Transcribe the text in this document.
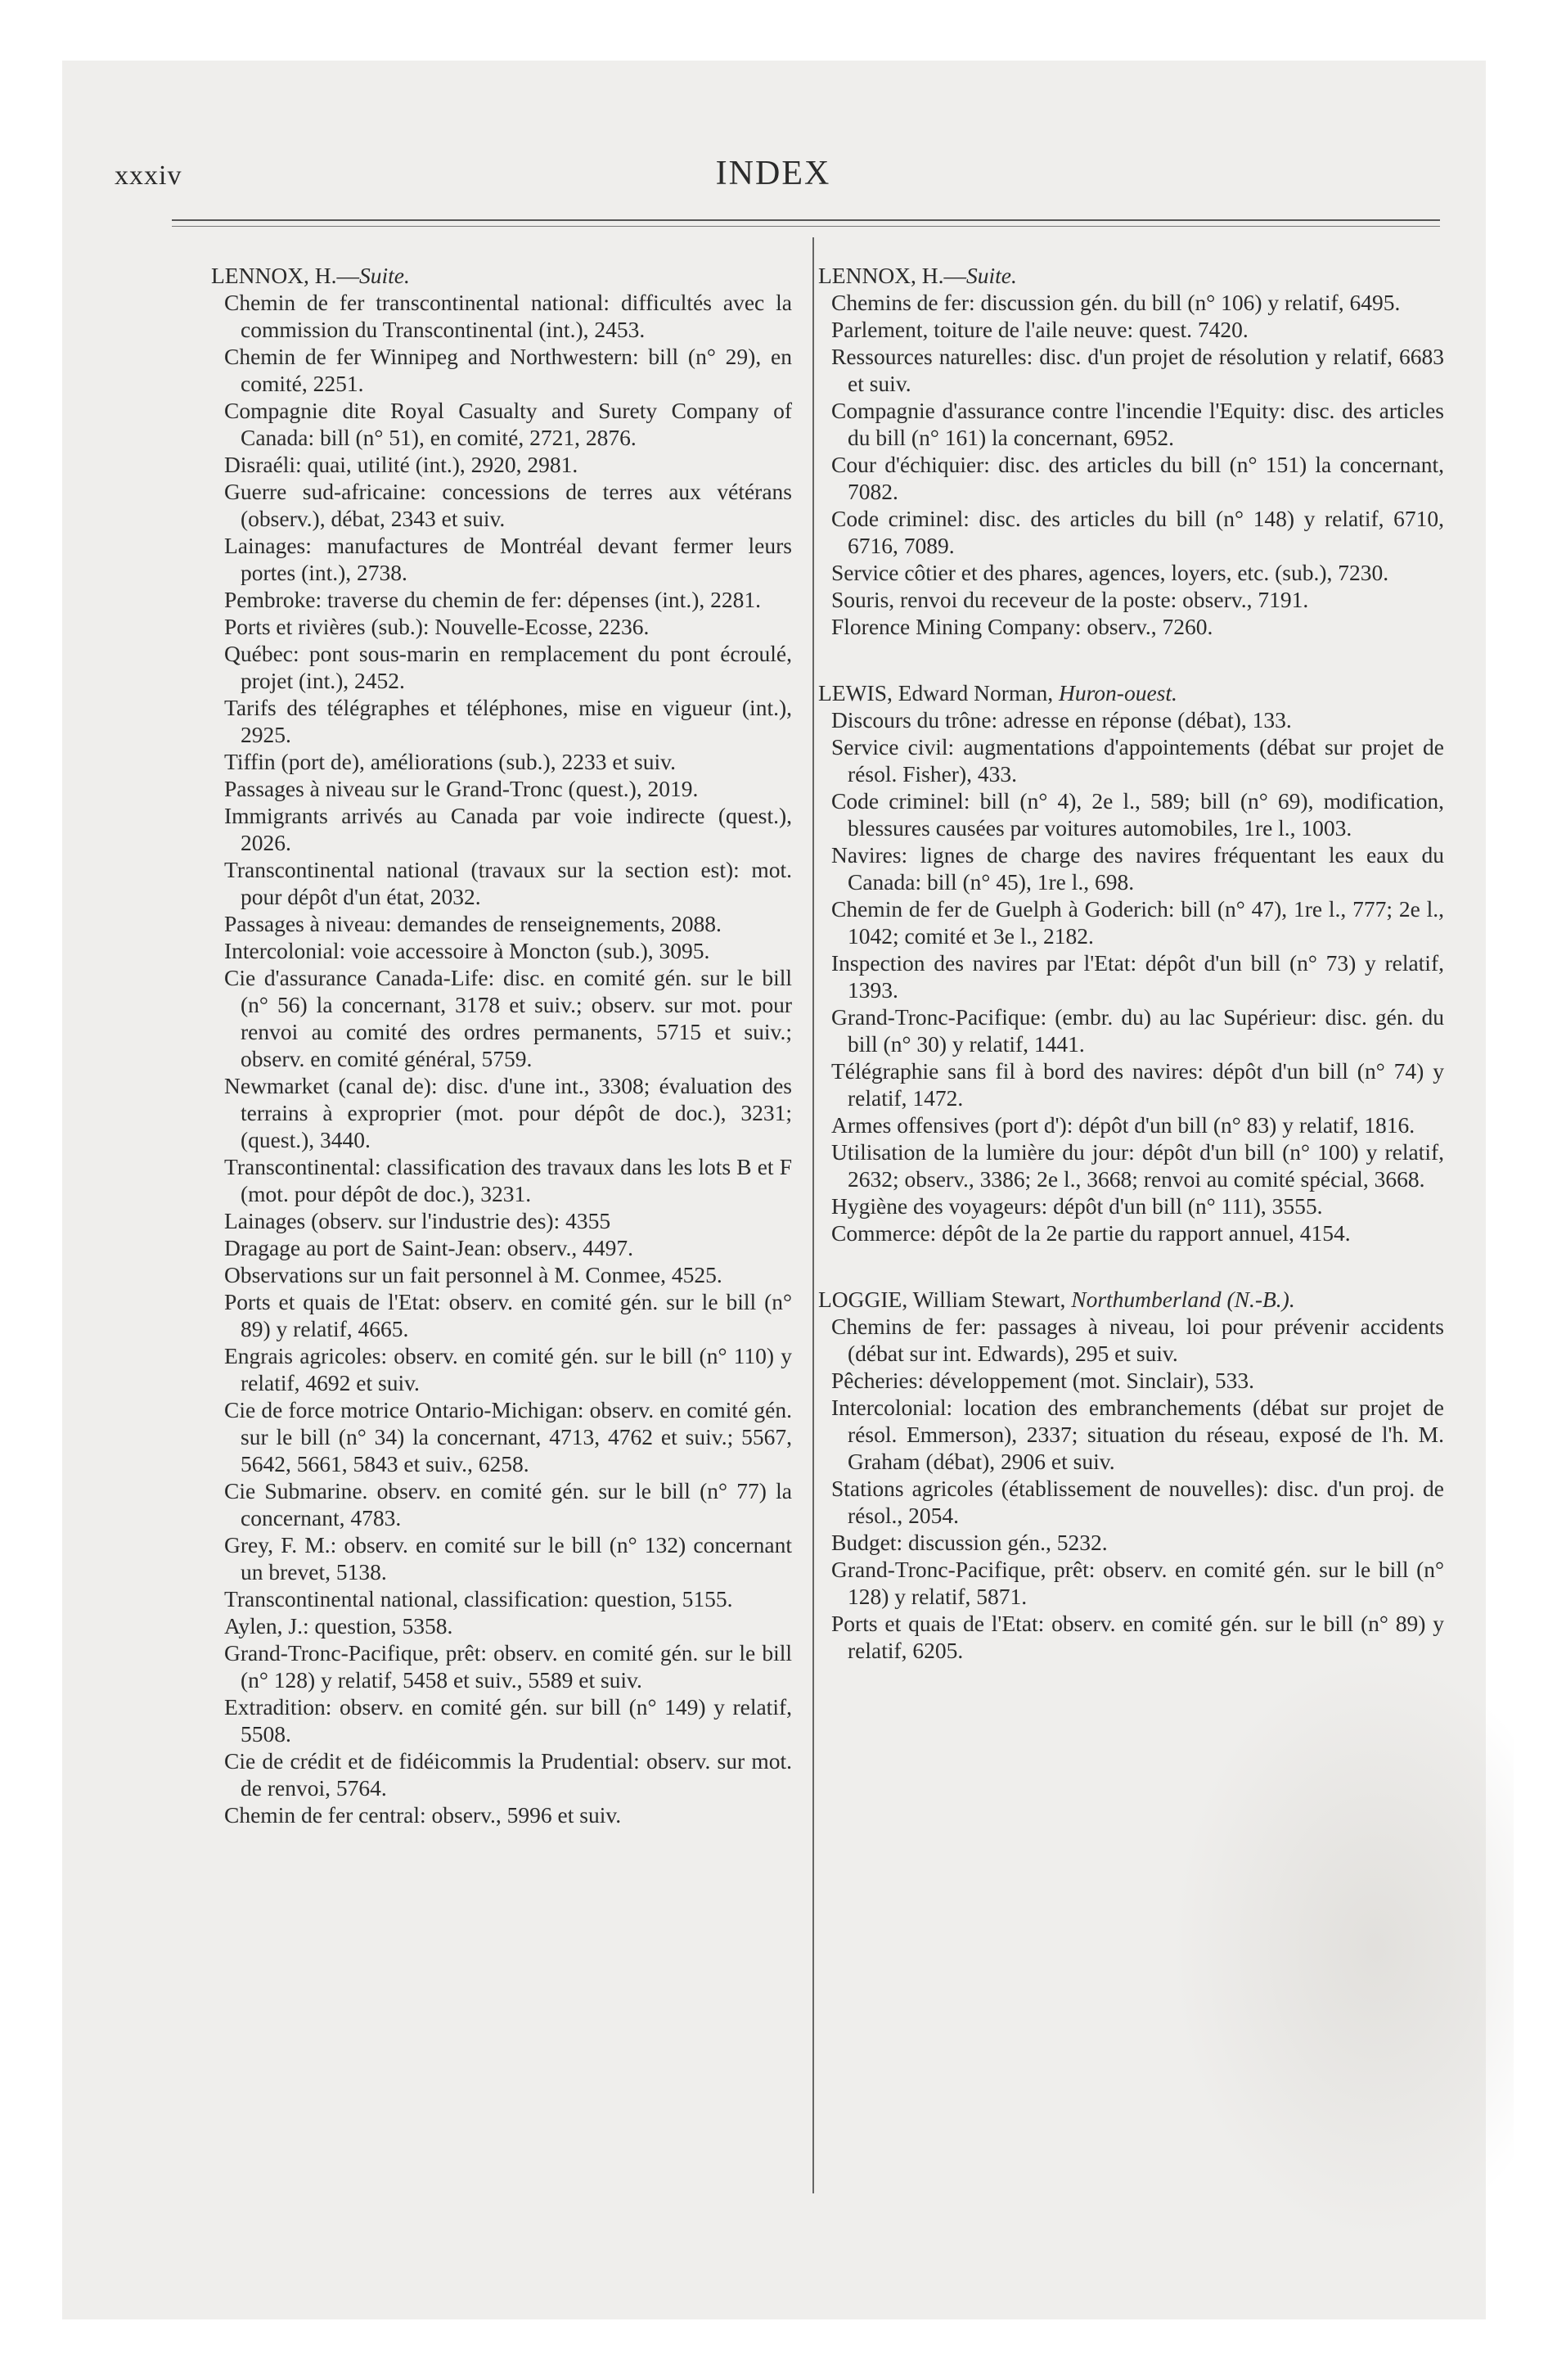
xxxiv	INDEX

LENNOX, H.—Suite.

Chemin de fer transcontinental national: difficultés avec la commission du Transcontinental (int.), 2453.

Chemin de fer Winnipeg and Northwestern: bill (n° 29), en comité, 2251.

Compagnie dite Royal Casualty and Surety Company of Canada: bill (n° 51), en comité, 2721, 2876.

Disraéli: quai, utilité (int.), 2920, 2981.

Guerre sud-africaine: concessions de terres aux vétérans (observ.), débat, 2343 et suiv.

Lainages: manufactures de Montréal devant fermer leurs portes (int.), 2738.

Pembroke: traverse du chemin de fer: dépenses (int.), 2281.

Ports et rivières (sub.): Nouvelle-Ecosse, 2236.

Québec: pont sous-marin en remplacement du pont écroulé, projet (int.), 2452.

Tarifs des télégraphes et téléphones, mise en vigueur (int.), 2925.

Tiffin (port de), améliorations (sub.), 2233 et suiv.

Passages à niveau sur le Grand-Tronc (quest.), 2019.

Immigrants arrivés au Canada par voie indirecte (quest.), 2026.

Transcontinental national (travaux sur la section est): mot. pour dépôt d'un état, 2032.

Passages à niveau: demandes de renseignements, 2088.

Intercolonial: voie accessoire à Moncton (sub.), 3095.

Cie d'assurance Canada-Life: disc. en comité gén. sur le bill (n° 56) la concernant, 3178 et suiv.; observ. sur mot. pour renvoi au comité des ordres permanents, 5715 et suiv.; observ. en comité général, 5759.

Newmarket (canal de): disc. d'une int., 3308; évaluation des terrains à exproprier (mot. pour dépôt de doc.), 3231; (quest.), 3440.

Transcontinental: classification des travaux dans les lots B et F (mot. pour dépôt de doc.), 3231.

Lainages (observ. sur l'industrie des): 4355

Dragage au port de Saint-Jean: observ., 4497.

Observations sur un fait personnel à M. Conmee, 4525.

Ports et quais de l'Etat: observ. en comité gén. sur le bill (n° 89) y relatif, 4665.

Engrais agricoles: observ. en comité gén. sur le bill (n° 110) y relatif, 4692 et suiv.

Cie de force motrice Ontario-Michigan: observ. en comité gén. sur le bill (n° 34) la concernant, 4713, 4762 et suiv.; 5567, 5642, 5661, 5843 et suiv., 6258.

Cie Submarine. observ. en comité gén. sur le bill (n° 77) la concernant, 4783.

Grey, F. M.: observ. en comité sur le bill (n° 132) concernant un brevet, 5138.

Transcontinental national, classification: question, 5155.

Aylen, J.: question, 5358.

Grand-Tronc-Pacifique, prêt: observ. en comité gén. sur le bill (n° 128) y relatif, 5458 et suiv., 5589 et suiv.

Extradition: observ. en comité gén. sur bill (n° 149) y relatif, 5508.

Cie de crédit et de fidéicommis la Prudential: observ. sur mot. de renvoi, 5764.

Chemin de fer central: observ., 5996 et suiv.

LENNOX, H.—Suite.

Chemins de fer: discussion gén. du bill (n° 106) y relatif, 6495.

Parlement, toiture de l'aile neuve: quest. 7420.

Ressources naturelles: disc. d'un projet de résolution y relatif, 6683 et suiv.

Compagnie d'assurance contre l'incendie l'Equity: disc. des articles du bill (n° 161) la concernant, 6952.

Cour d'échiquier: disc. des articles du bill (n° 151) la concernant, 7082.

Code criminel: disc. des articles du bill (n° 148) y relatif, 6710, 6716, 7089.

Service côtier et des phares, agences, loyers, etc. (sub.), 7230.

Souris, renvoi du receveur de la poste: observ., 7191.

Florence Mining Company: observ., 7260.

LEWIS, Edward Norman, Huron-ouest.

Discours du trône: adresse en réponse (débat), 133.

Service civil: augmentations d'appointements (débat sur projet de résol. Fisher), 433.

Code criminel: bill (n° 4), 2e l., 589; bill (n° 69), modification, blessures causées par voitures automobiles, 1re l., 1003.

Navires: lignes de charge des navires fréquentant les eaux du Canada: bill (n° 45), 1re l., 698.

Chemin de fer de Guelph à Goderich: bill (n° 47), 1re l., 777; 2e l., 1042; comité et 3e l., 2182.

Inspection des navires par l'Etat: dépôt d'un bill (n° 73) y relatif, 1393.

Grand-Tronc-Pacifique: (embr. du) au lac Supérieur: disc. gén. du bill (n° 30) y relatif, 1441.

Télégraphie sans fil à bord des navires: dépôt d'un bill (n° 74) y relatif, 1472.

Armes offensives (port d'): dépôt d'un bill (n° 83) y relatif, 1816.

Utilisation de la lumière du jour: dépôt d'un bill (n° 100) y relatif, 2632; observ., 3386; 2e l., 3668; renvoi au comité spécial, 3668.

Hygiène des voyageurs: dépôt d'un bill (n° 111), 3555.

Commerce: dépôt de la 2e partie du rapport annuel, 4154.

LOGGIE, William Stewart, Northumberland (N.-B.).

Chemins de fer: passages à niveau, loi pour prévenir accidents (débat sur int. Edwards), 295 et suiv.

Pêcheries: développement (mot. Sinclair), 533.

Intercolonial: location des embranchements (débat sur projet de résol. Emmerson), 2337; situation du réseau, exposé de l'h. M. Graham (débat), 2906 et suiv.

Stations agricoles (établissement de nouvelles): disc. d'un proj. de résol., 2054.

Budget: discussion gén., 5232.

Grand-Tronc-Pacifique, prêt: observ. en comité gén. sur le bill (n° 128) y relatif, 5871.

Ports et quais de l'Etat: observ. en comité gén. sur le bill (n° 89) y relatif, 6205.
